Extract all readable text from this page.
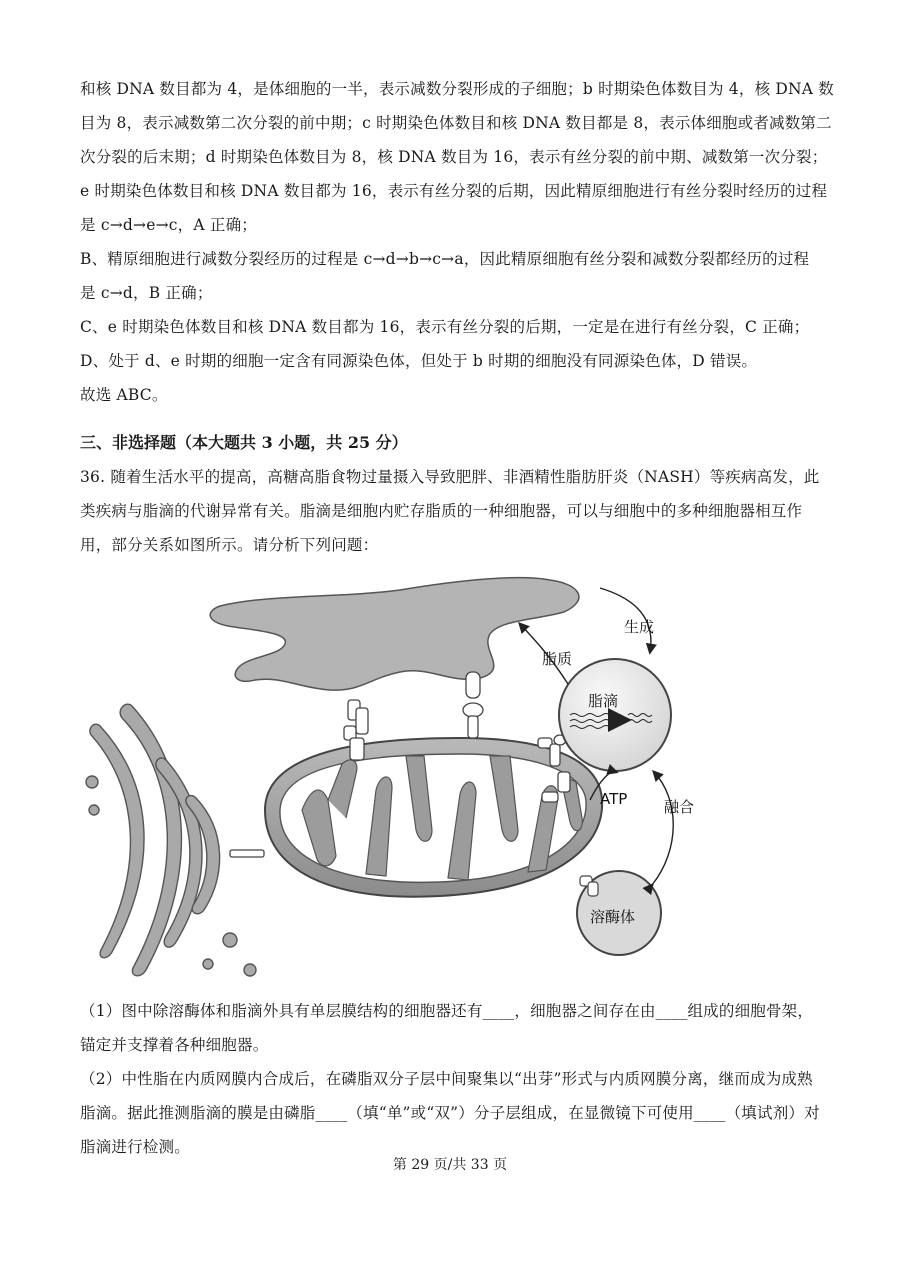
和核 DNA 数目都为 4，是体细胞的一半，表示减数分裂形成的子细胞；b 时期染色体数目为 4，核 DNA 数
目为 8，表示减数第二次分裂的前中期；c 时期染色体数目和核 DNA 数目都是 8，表示体细胞或者减数第二
次分裂的后末期；d 时期染色体数目为 8，核 DNA 数目为 16，表示有丝分裂的前中期、减数第一次分裂；
e 时期染色体数目和核 DNA 数目都为 16，表示有丝分裂的后期，因此精原细胞进行有丝分裂时经历的过程
是 c→d→e→c，A 正确；
B、精原细胞进行减数分裂经历的过程是 c→d→b→c→a，因此精原细胞有丝分裂和减数分裂都经历的过程
是 c→d，B 正确；
C、e 时期染色体数目和核 DNA 数目都为 16，表示有丝分裂的后期，一定是在进行有丝分裂，C 正确；
D、处于 d、e 时期的细胞一定含有同源染色体，但处于 b 时期的细胞没有同源染色体，D 错误。
故选 ABC。

三、非选择题（本大题共 3 小题，共 25 分）

36. 随着生活水平的提高，高糖高脂食物过量摄入导致肥胖、非酒精性脂肪肝炎（NASH）等疾病高发，此
类疾病与脂滴的代谢异常有关。脂滴是细胞内贮存脂质的一种细胞器，可以与细胞中的多种细胞器相互作
用，部分关系如图所示。请分析下列问题：

生成
脂质
脂滴
ATP 融合
溶酶体

（1）图中除溶酶体和脂滴外具有单层膜结构的细胞器还有____，细胞器之间存在由____组成的细胞骨架，
锚定并支撑着各种细胞器。

（2）中性脂在内质网膜内合成后，在磷脂双分子层中间聚集以“出芽”形式与内质网膜分离，继而成为成熟
脂滴。据此推测脂滴的膜是由磷脂____（填“单”或“双”）分子层组成，在显微镜下可使用____（填试剂）对
脂滴进行检测。

第 29 页/共 33 页
